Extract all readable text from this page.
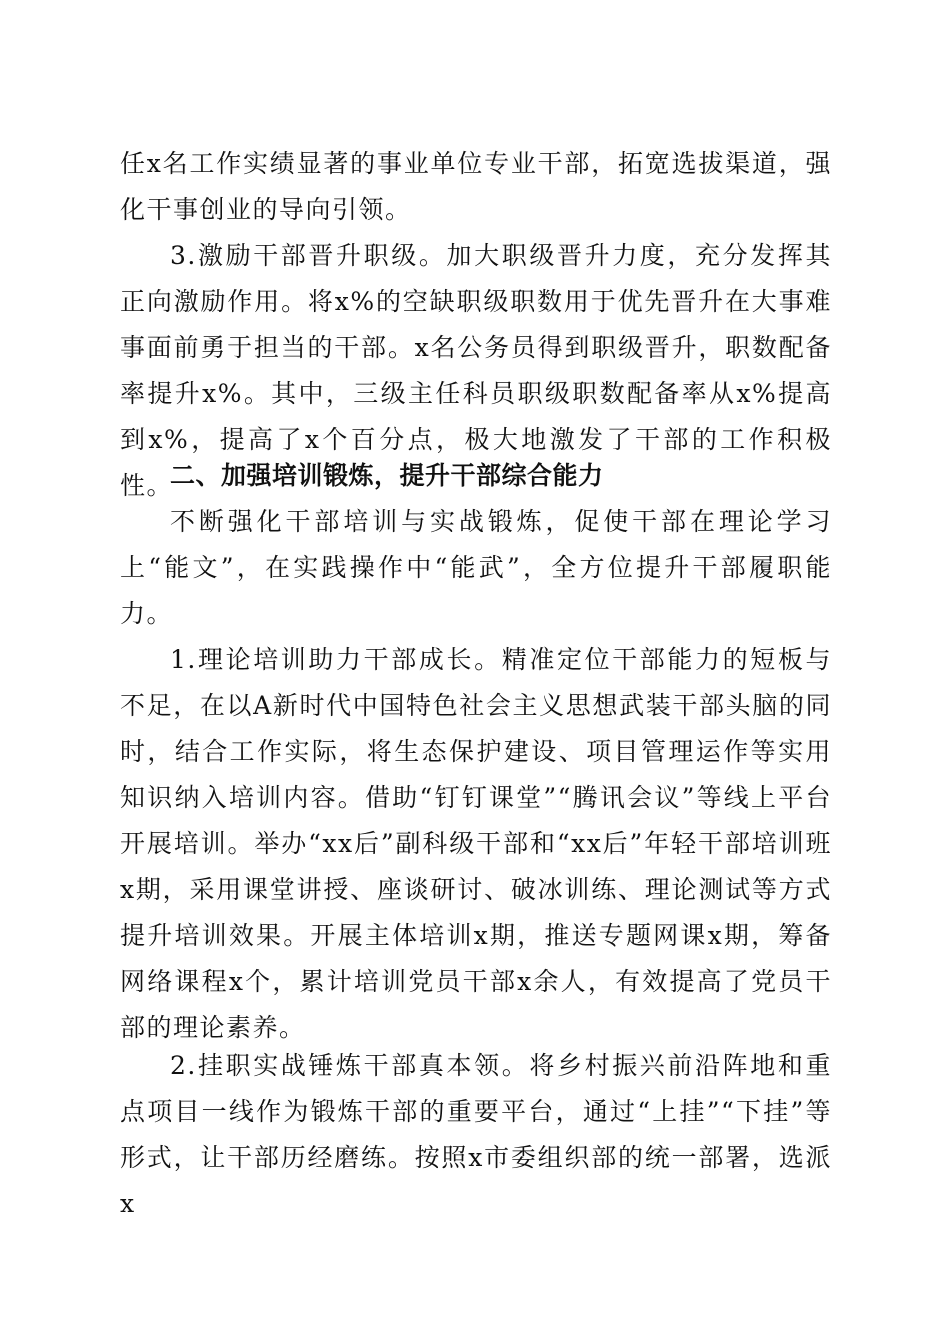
任x名工作实绩显著的事业单位专业干部，拓宽选拔渠道，强化干事创业的导向引领。

3.激励干部晋升职级。加大职级晋升力度，充分发挥其正向激励作用。将x%的空缺职级职数用于优先晋升在大事难事面前勇于担当的干部。x名公务员得到职级晋升，职数配备率提升x%。其中，三级主任科员职级职数配备率从x%提高到x%，提高了x个百分点，极大地激发了干部的工作积极性。

二、加强培训锻炼，提升干部综合能力

不断强化干部培训与实战锻炼，促使干部在理论学习上“能文”，在实践操作中“能武”，全方位提升干部履职能力。

1.理论培训助力干部成长。精准定位干部能力的短板与不足，在以A新时代中国特色社会主义思想武装干部头脑的同时，结合工作实际，将生态保护建设、项目管理运作等实用知识纳入培训内容。借助“钉钉课堂”“腾讯会议”等线上平台开展培训。举办“xx后”副科级干部和“xx后”年轻干部培训班x期，采用课堂讲授、座谈研讨、破冰训练、理论测试等方式提升培训效果。开展主体培训x期，推送专题网课x期，筹备网络课程x个，累计培训党员干部x余人，有效提高了党员干部的理论素养。

2.挂职实战锤炼干部真本领。将乡村振兴前沿阵地和重点项目一线作为锻炼干部的重要平台，通过“上挂”“下挂”等形式，让干部历经磨练。按照x市委组织部的统一部署，选派x
